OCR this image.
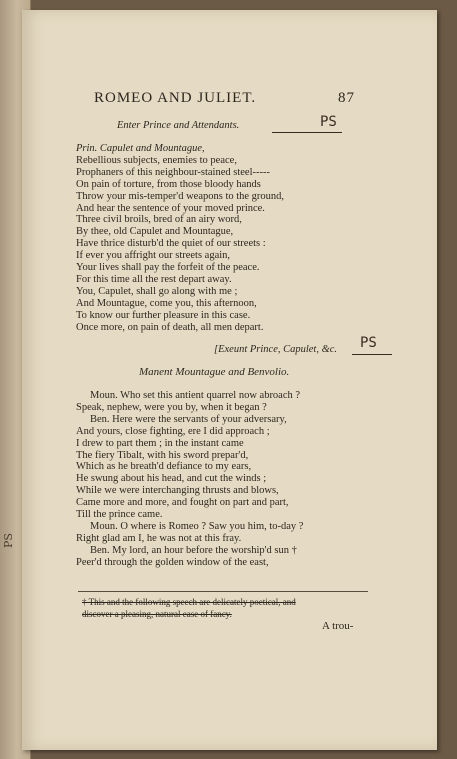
PS
ROMEO AND JULIET.	87
Enter Prince and Attendants.	PS
Prin. Capulet and Mountague,
Rebellious subjects, enemies to peace,
Prophaners of this neighbour-stained steel-----
On pain of torture, from those bloody hands
Throw your mis-temper'd weapons to the ground,
And hear the sentence of your moved prince.
Three civil broils, bred of an airy word,
By thee, old Capulet and Mountague,
Have thrice disturb'd the quiet of our streets :
If ever you affright our streets again,
Your lives shall pay the forfeit of the peace.
For this time all the rest depart away.
You, Capulet, shall go along with me ;
And Mountague, come you, this afternoon,
To know our further pleasure in this case.
Once more, on pain of death, all men depart.
[Exeunt Prince, Capulet, &c. PS
Manent Mountague and Benvolio.
Moun. Who set this antient quarrel now abroach ?
Speak, nephew, were you by, when it began ?
Ben. Here were the servants of your adversary,
And yours, close fighting, ere I did approach ;
I drew to part them ; in the instant came
The fiery Tibalt, with his sword prepar'd,
Which as he breath'd defiance to my ears,
He swung about his head, and cut the winds ;
While we were interchanging thrusts and blows,
Came more and more, and fought on part and part,
Till the prince came.
Moun. O where is Romeo ? Saw you him, to-day ?
Right glad am I, he was not at this fray.
Ben. My lord, an hour before the worship'd sun †
Peer'd through the golden window of the east,
† This and the following speech are delicately poetical, and
discover a pleasing, natural ease of fancy.
A trou-
